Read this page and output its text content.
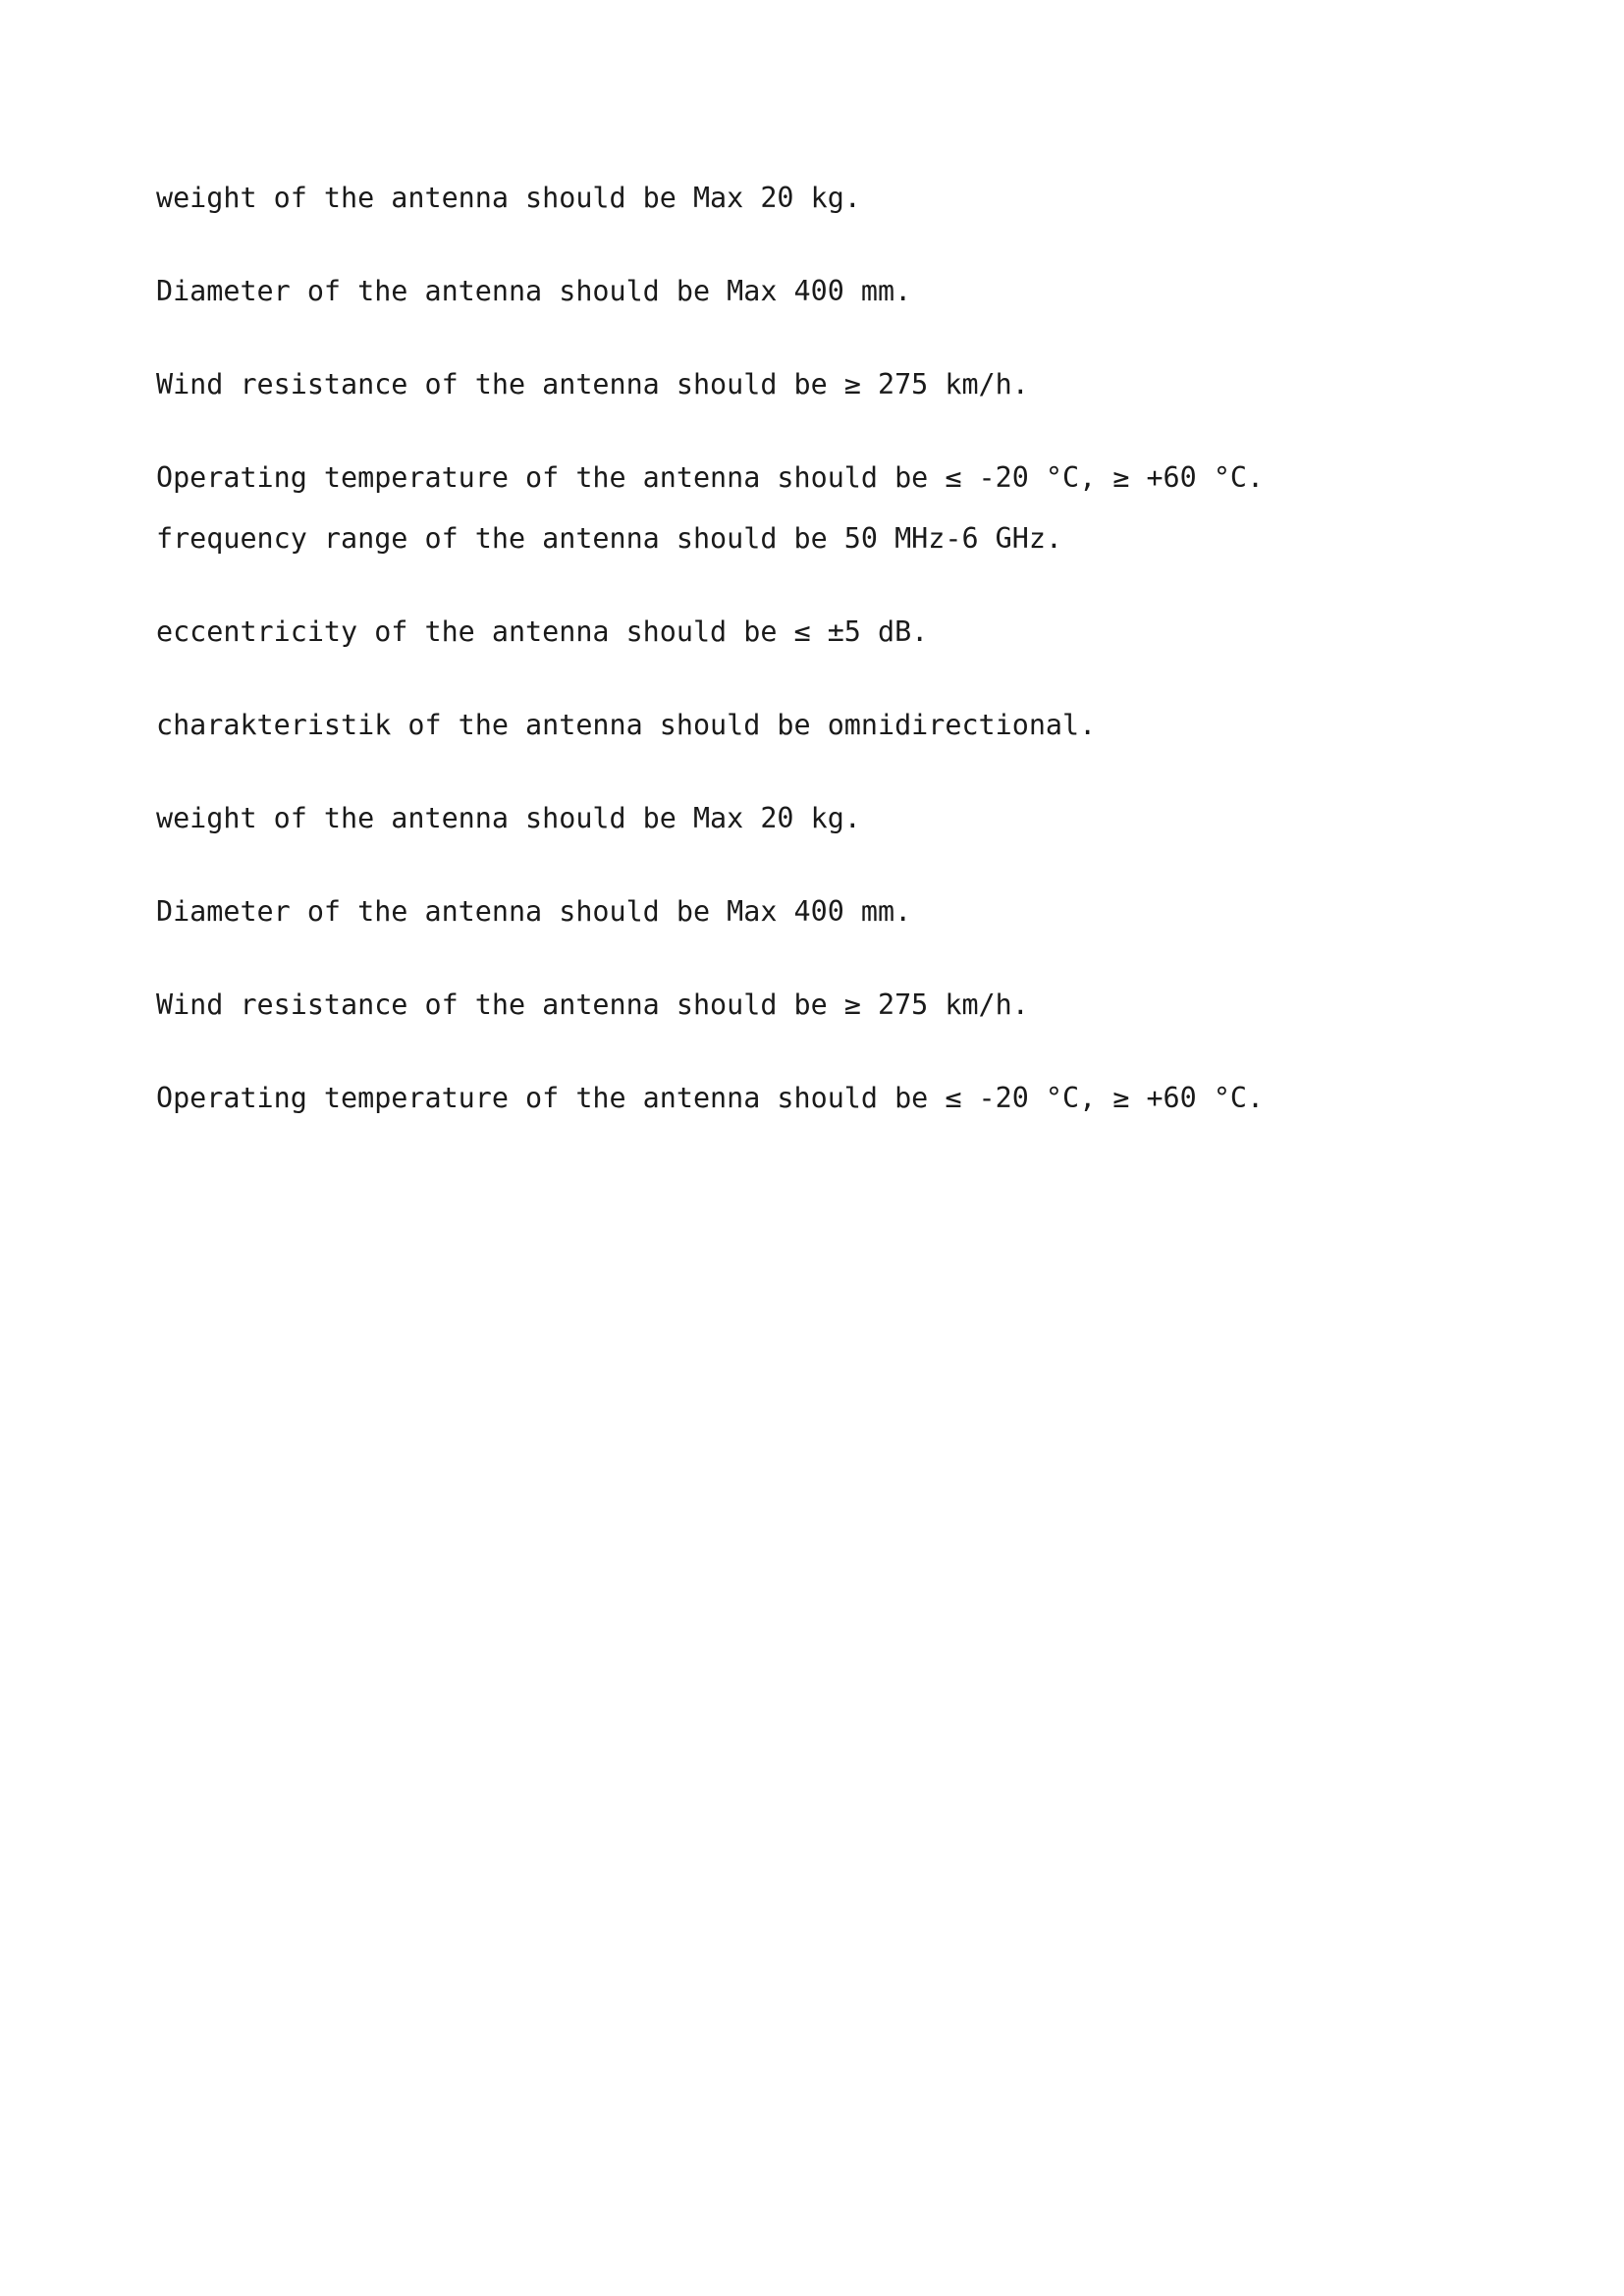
weight of the antenna should be Max 20 kg.

Diameter of the antenna should be Max 400 mm.

Wind resistance of the antenna should be ≥ 275 km/h.

Operating temperature of the antenna should be ≤ -20 °C, ≥ +60 °C.

frequency range of the antenna should be 50 MHz-6 GHz.

eccentricity of the antenna should be ≤ ±5 dB.

charakteristik of the antenna should be omnidirectional.

weight of the antenna should be Max 20 kg.

Diameter of the antenna should be Max 400 mm.

Wind resistance of the antenna should be ≥ 275 km/h.

Operating temperature of the antenna should be ≤ -20 °C, ≥ +60 °C.
